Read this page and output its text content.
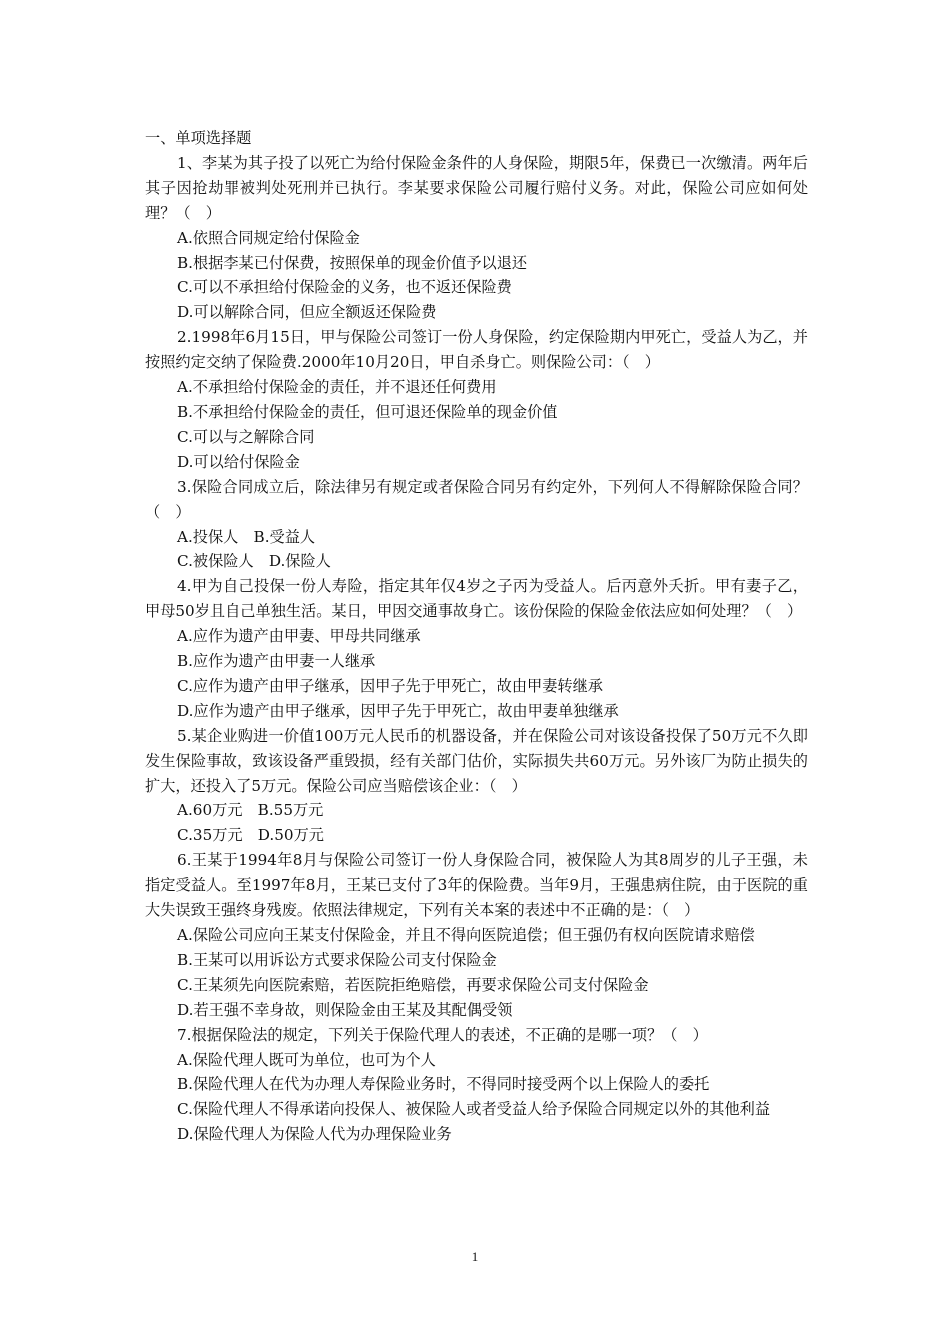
一、单项选择题

1、李某为其子投了以死亡为给付保险金条件的人身保险，期限5年，保费已一次缴清。两年后其子因抢劫罪被判处死刑并已执行。李某要求保险公司履行赔付义务。对此，保险公司应如何处理？（　）

A.依照合同规定给付保险金

B.根据李某已付保费，按照保单的现金价值予以退还

C.可以不承担给付保险金的义务，也不返还保险费

D.可以解除合同，但应全额返还保险费

2.1998年6月15日，甲与保险公司签订一份人身保险，约定保险期内甲死亡，受益人为乙，并按照约定交纳了保险费.2000年10月20日，甲自杀身亡。则保险公司：（　）

A.不承担给付保险金的责任，并不退还任何费用

B.不承担给付保险金的责任，但可退还保险单的现金价值

C.可以与之解除合同

D.可以给付保险金

3.保险合同成立后，除法律另有规定或者保险合同另有约定外，下列何人不得解除保险合同？（　）

A.投保人　B.受益人

C.被保险人　D.保险人

4.甲为自己投保一份人寿险，指定其年仅4岁之子丙为受益人。后丙意外夭折。甲有妻子乙，甲母50岁且自己单独生活。某日，甲因交通事故身亡。该份保险的保险金依法应如何处理？（　）

A.应作为遗产由甲妻、甲母共同继承

B.应作为遗产由甲妻一人继承

C.应作为遗产由甲子继承，因甲子先于甲死亡，故由甲妻转继承

D.应作为遗产由甲子继承，因甲子先于甲死亡，故由甲妻单独继承

5.某企业购进一价值100万元人民币的机器设备，并在保险公司对该设备投保了50万元不久即发生保险事故，致该设备严重毁损，经有关部门估价，实际损失共60万元。另外该厂为防止损失的扩大，还投入了5万元。保险公司应当赔偿该企业：（　）

A.60万元　B.55万元

C.35万元　D.50万元

6.王某于1994年8月与保险公司签订一份人身保险合同，被保险人为其8周岁的儿子王强，未指定受益人。至1997年8月，王某已支付了3年的保险费。当年9月，王强患病住院，由于医院的重大失误致王强终身残废。依照法律规定，下列有关本案的表述中不正确的是：（　）

A.保险公司应向王某支付保险金，并且不得向医院追偿；但王强仍有权向医院请求赔偿

B.王某可以用诉讼方式要求保险公司支付保险金

C.王某须先向医院索赔，若医院拒绝赔偿，再要求保险公司支付保险金

D.若王强不幸身故，则保险金由王某及其配偶受领

7.根据保险法的规定，下列关于保险代理人的表述，不正确的是哪一项？（　）

A.保险代理人既可为单位，也可为个人

B.保险代理人在代为办理人寿保险业务时，不得同时接受两个以上保险人的委托

C.保险代理人不得承诺向投保人、被保险人或者受益人给予保险合同规定以外的其他利益

D.保险代理人为保险人代为办理保险业务

1
